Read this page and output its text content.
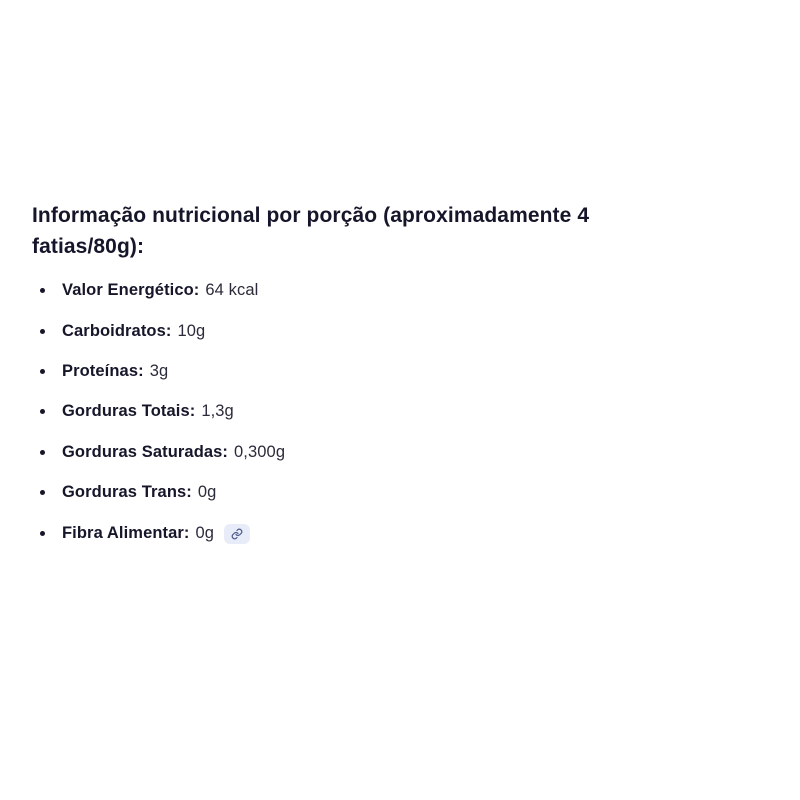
Informação nutricional por porção (aproximadamente 4 fatias/80g):
Valor Energético: 64 kcal
Carboidratos: 10g
Proteínas: 3g
Gorduras Totais: 1,3g
Gorduras Saturadas: 0,300g
Gorduras Trans: 0g
Fibra Alimentar: 0g
